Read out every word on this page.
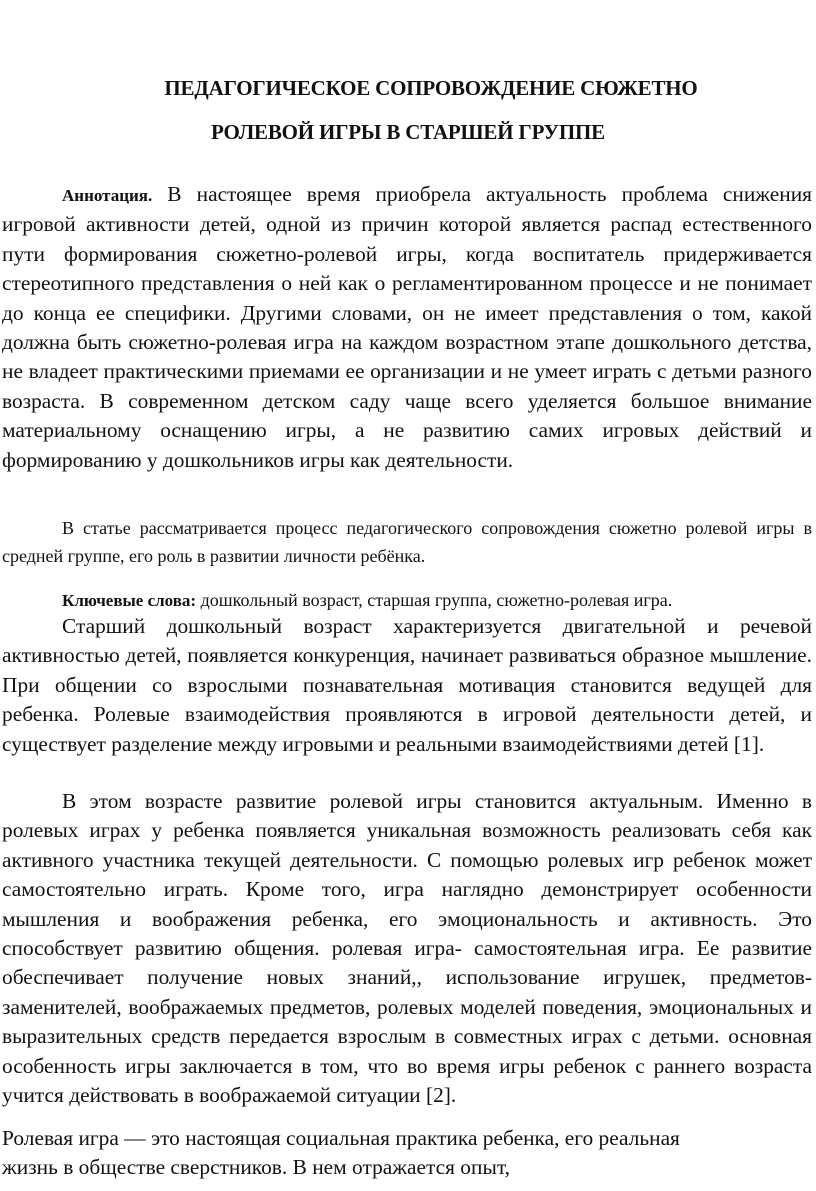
ПЕДАГОГИЧЕСКОЕ СОПРОВОЖДЕНИЕ СЮЖЕТНО
РОЛЕВОЙ ИГРЫ В СТАРШЕЙ ГРУППЕ

Аннотация. В настоящее время приобрела актуальность проблема снижения игровой активности детей, одной из причин которой является распад естественного пути формирования сюжетно-ролевой игры, когда воспитатель придерживается стереотипного представления о ней как о регламентированном процессе и не понимает до конца ее специфики. Другими словами, он не имеет представления о том, какой должна быть сюжетно-ролевая игра на каждом возрастном этапе дошкольного детства, не владеет практическими приемами ее организации и не умеет играть с детьми разного возраста. В современном детском саду чаще всего уделяется большое внимание материальному оснащению игры, а не развитию самих игровых действий и формированию у дошкольников игры как деятельности.

В статье рассматривается процесс педагогического сопровождения сюжетно ролевой игры в средней группе, его роль в развитии личности ребёнка.

Ключевые слова: дошкольный возраст, старшая группа, сюжетно-ролевая игра.

Старший дошкольный возраст характеризуется двигательной и речевой активностью детей, появляется конкуренция, начинает развиваться образное мышление. При общении со взрослыми познавательная мотивация становится ведущей для ребенка. Ролевые взаимодействия проявляются в игровой деятельности детей, и существует разделение между игровыми и реальными взаимодействиями детей [1].

В этом возрасте развитие ролевой игры становится актуальным. Именно в ролевых играх у ребенка появляется уникальная возможность реализовать себя как активного участника текущей деятельности. С помощью ролевых игр ребенок может самостоятельно играть. Кроме того, игра наглядно демонстрирует особенности мышления и воображения ребенка, его эмоциональность и активность. Это способствует развитию общения. ролевая игра- самостоятельная игра. Ее развитие обеспечивает получение новых знаний,, использование игрушек, предметов-заменителей, воображаемых предметов, ролевых моделей поведения, эмоциональных и выразительных средств передается взрослым в совместных играх с детьми. основная особенность игры заключается в том, что во время игры ребенок с раннего возраста учится действовать в воображаемой ситуации [2].

Ролевая игра — это настоящая социальная практика ребенка, его реальная

жизнь в обществе сверстников. В нем отражается опыт,
